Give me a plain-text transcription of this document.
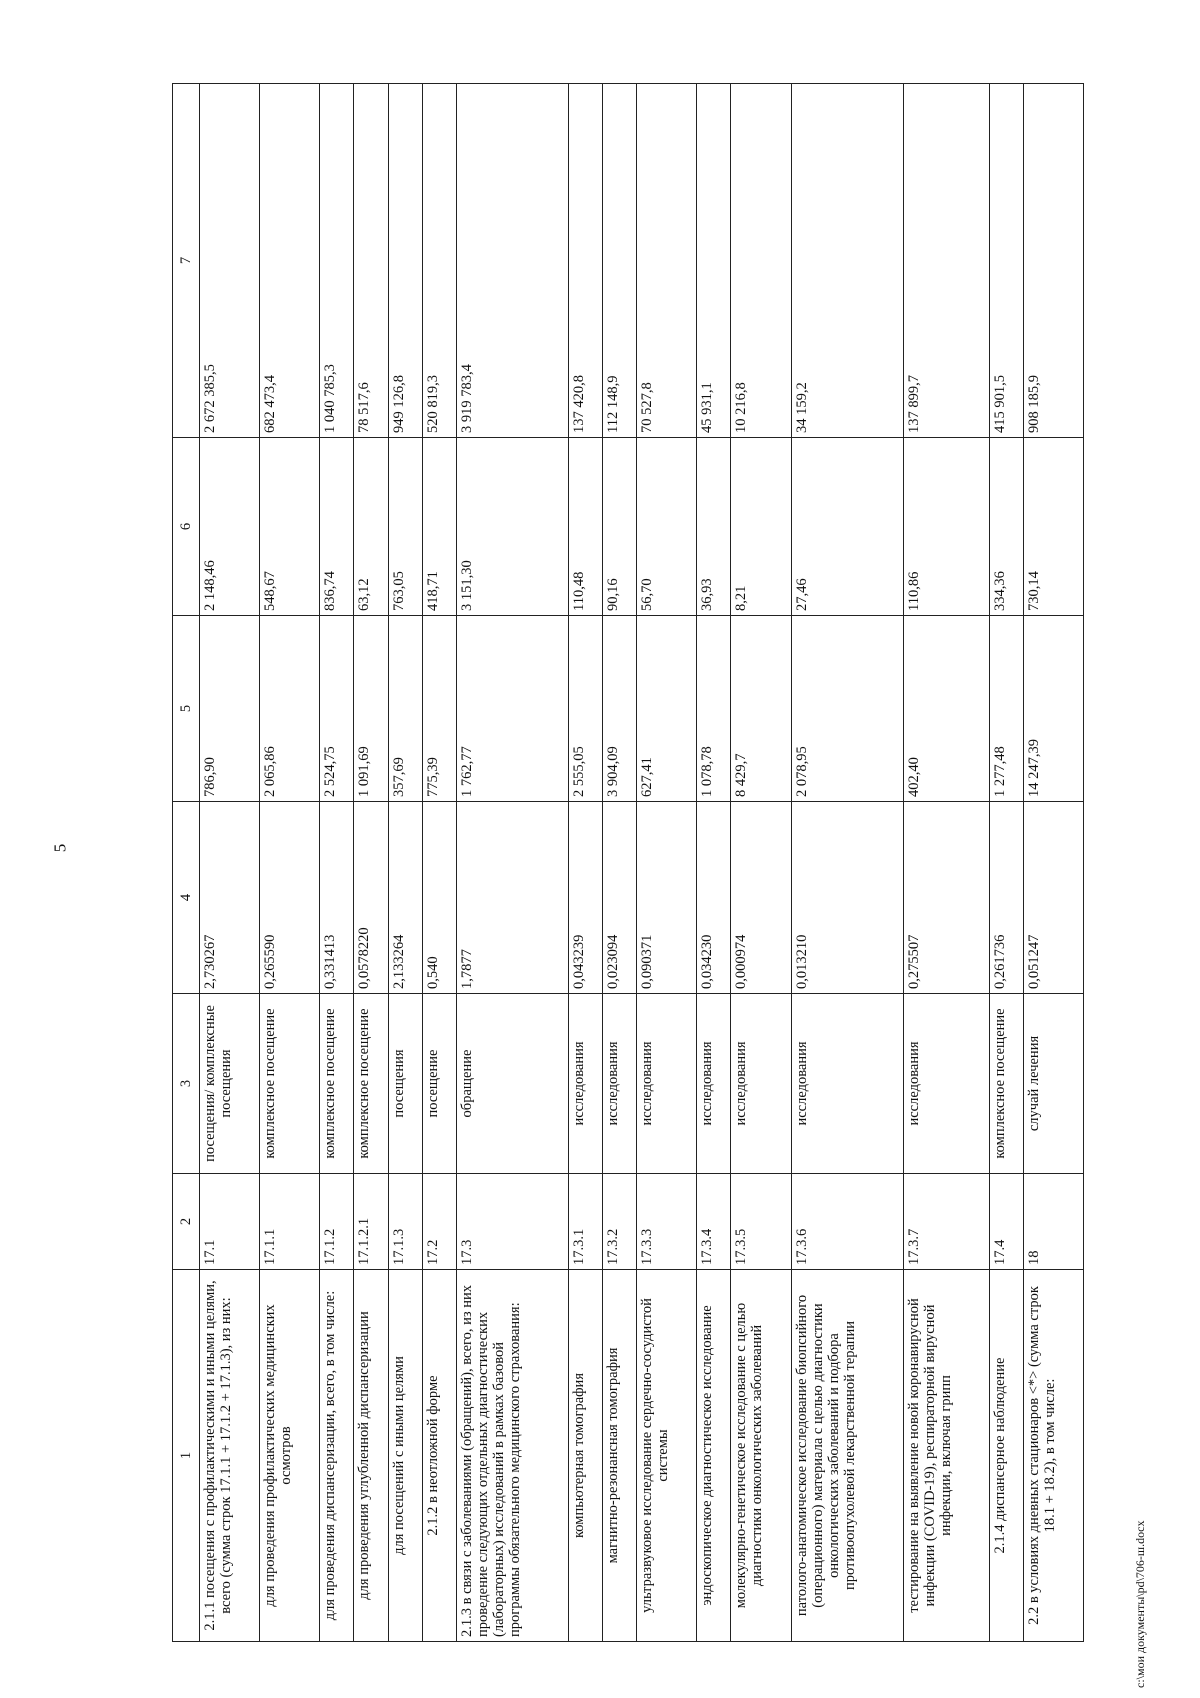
5
1	2	3	4	5	6	7
2.1.1 посещения с профилактическими и иными целями, всего (сумма строк 17.1.1 + 17.1.2 + 17.1.3), из них:	17.1	посещения/ комплексные посещения	2,730267	786,90	2 148,46	2 672 385,5
для проведения профилактических медицинских осмотров	17.1.1	комплексное посещение	0,265590	2 065,86	548,67	682 473,4
для проведения диспансеризации, всего, в том числе:	17.1.2	комплексное посещение	0,331413	2 524,75	836,74	1 040 785,3
для проведения углубленной диспансеризации	17.1.2.1	комплексное посещение	0,0578220	1 091,69	63,12	78 517,6
для посещений с иными целями	17.1.3	посещения	2,133264	357,69	763,05	949 126,8
2.1.2 в неотложной форме	17.2	посещение	0,540	775,39	418,71	520 819,3
2.1.3 в связи с заболеваниями (обращений), всего, из них проведение следующих отдельных диагностических (лабораторных) исследований в рамках базовой программы обязательного медицинского страхования:	17.3	обращение	1,7877	1 762,77	3 151,30	3 919 783,4
компьютерная томография	17.3.1	исследования	0,043239	2 555,05	110,48	137 420,8
магнитно-резонансная томография	17.3.2	исследования	0,023094	3 904,09	90,16	112 148,9
ультразвуковое исследование сердечно-сосудистой системы	17.3.3	исследования	0,090371	627,41	56,70	70 527,8
эндоскопическое диагностическое исследование	17.3.4	исследования	0,034230	1 078,78	36,93	45 931,1
молекулярно-генетическое исследование с целью диагностики онкологических заболеваний	17.3.5	исследования	0,000974	8 429,7	8,21	10 216,8
патолого-анатомическое исследование биопсийного (операционного) материала с целью диагностики онкологических заболеваний и подбора противоопухолевой лекарственной терапии	17.3.6	исследования	0,013210	2 078,95	27,46	34 159,2
тестирование на выявление новой коронавирусной инфекции (COVID-19), респираторной вирусной инфекции, включая грипп	17.3.7	исследования	0,275507	402,40	110,86	137 899,7
2.1.4 диспансерное наблюдение	17.4	комплексное посещение	0,261736	1 277,48	334,36	415 901,5
2.2 в условиях дневных стационаров <*> (сумма строк 18.1 + 18.2), в том числе:	18	случай лечения	0,051247	14 247,39	730,14	908 185,9
c:\мои документы\pd\706-ш.docx
